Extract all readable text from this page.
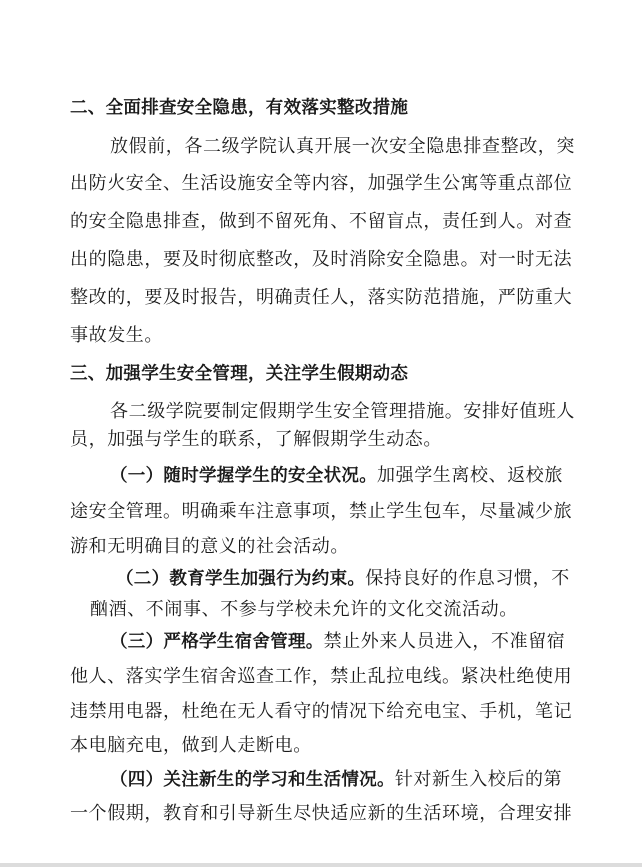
二、全面排查安全隐患，有效落实整改措施
放假前，各二级学院认真开展一次安全隐患排查整改，突
出防火安全、生活设施安全等内容，加强学生公寓等重点部位
的安全隐患排查，做到不留死角、不留盲点，责任到人。对查
出的隐患，要及时彻底整改，及时消除安全隐患。对一时无法
整改的，要及时报告，明确责任人，落实防范措施，严防重大
事故发生。
三、加强学生安全管理，关注学生假期动态
各二级学院要制定假期学生安全管理措施。安排好值班人
员，加强与学生的联系，了解假期学生动态。
（一）随时学握学生的安全状况。加强学生离校、返校旅
途安全管理。明确乘车注意事项，禁止学生包车，尽量减少旅
游和无明确目的意义的社会活动。
（二）教育学生加强行为约束。保持良好的作息习惯，不
酗酒、不闹事、不参与学校未允许的文化交流活动。
（三）严格学生宿舍管理。禁止外来人员进入，不准留宿
他人、落实学生宿舍巡查工作，禁止乱拉电线。紧决杜绝使用
违禁用电器，杜绝在无人看守的情况下给充电宝、手机，笔记
本电脑充电，做到人走断电。
（四）关注新生的学习和生活情况。针对新生入校后的第
一个假期，教育和引导新生尽快适应新的生活环境，合理安排
